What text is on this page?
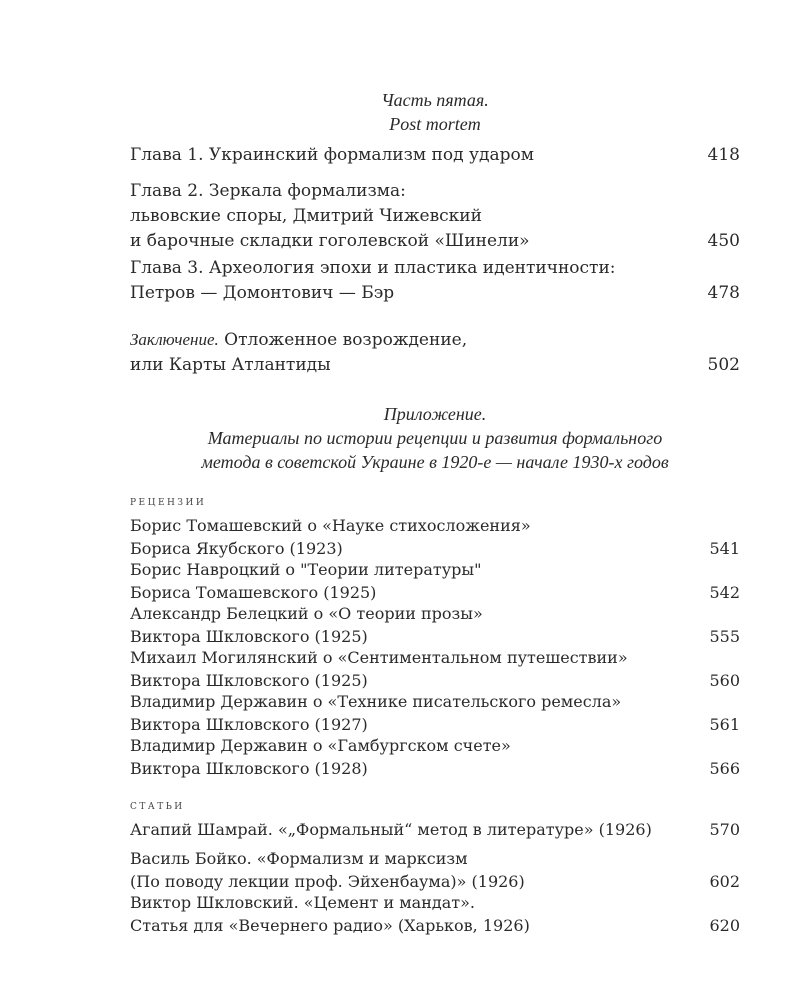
Часть пятая.
Post mortem
Глава 1. Украинский формализм под ударом	418
Глава 2. Зеркала формализма:
львовские споры, Дмитрий Чижевский
и барочные складки гоголевской «Шинели»	450
Глава 3. Археология эпохи и пластика идентичности:
Петров — Домонтович — Бэр	478
Заключение. Отложенное возрождение,
или Карты Атлантиды	502
Приложение.
Материалы по истории рецепции и развития формального
метода в советской Украине в 1920-е — начале 1930-х годов
рецензии
Борис Томашевский о «Науке стихосложения»
Бориса Якубского (1923)	541
Борис Навроцкий о "Теории литературы"
Бориса Томашевского (1925)	542
Александр Белецкий о «О теории прозы»
Виктора Шкловского (1925)	555
Михаил Могилянский о «Сентиментальном путешествии»
Виктора Шкловского (1925)	560
Владимир Державин о «Технике писательского ремесла»
Виктора Шкловского (1927)	561
Владимир Державин о «Гамбургском счете»
Виктора Шкловского (1928)	566
статьи
Агапий Шамрай. «„Формальный“ метод в литературе» (1926)	570
Василь Бойко. «Формализм и марксизм
(По поводу лекции проф. Эйхенбаума)» (1926)	602
Виктор Шкловский. «Цемент и мандат».
Статья для «Вечернего радио» (Харьков, 1926)	620
